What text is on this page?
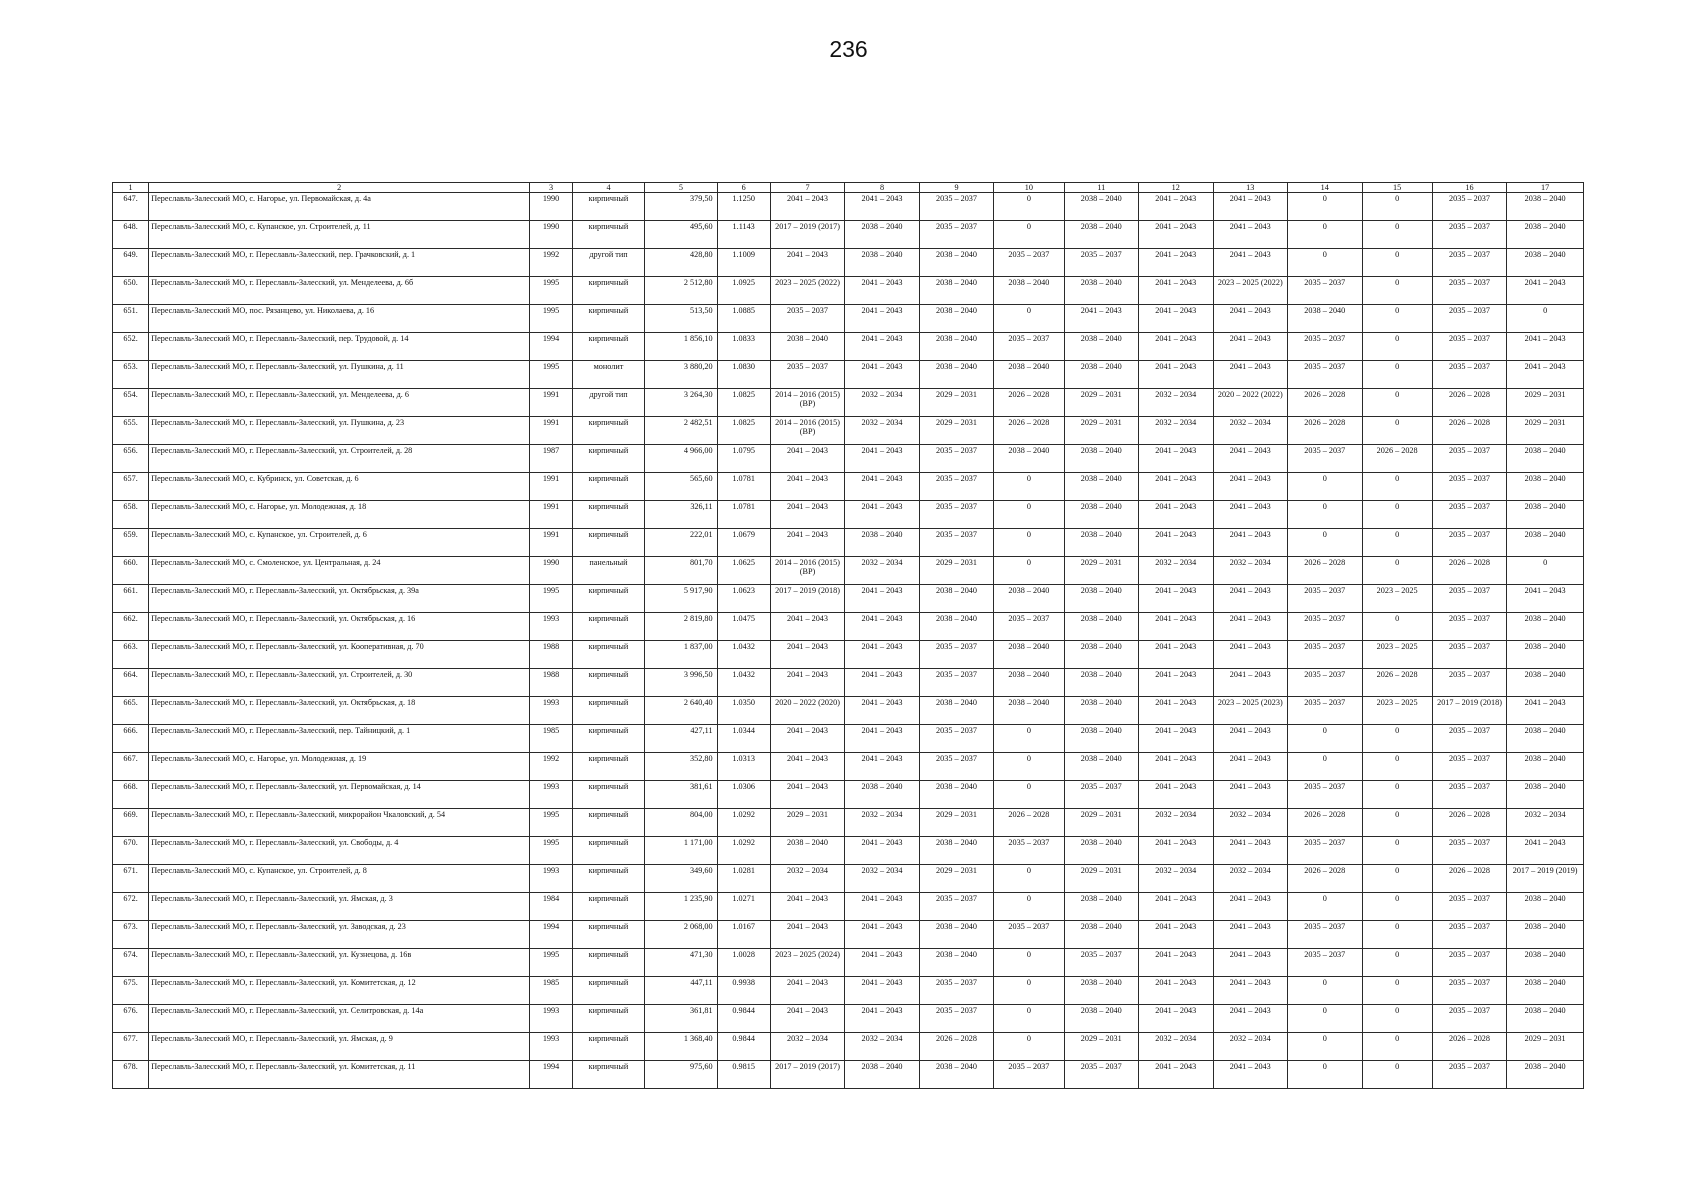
236
1	2	3	4	5	6	7	8	9	10	11	12	13	14	15	16	17
647.	Переславль-Залесский МО, с. Нагорье, ул. Первомайская, д. 4а	1990	кирпичный	379,50	1.1250	2041 – 2043	2041 – 2043	2035 – 2037	0	2038 – 2040	2041 – 2043	2041 – 2043	0	0	2035 – 2037	2038 – 2040
648.	Переславль-Залесский МО, с. Купанское, ул. Строителей, д. 11	1990	кирпичный	495,60	1.1143	2017 – 2019 (2017)	2038 – 2040	2035 – 2037	0	2038 – 2040	2041 – 2043	2041 – 2043	0	0	2035 – 2037	2038 – 2040
649.	Переславль-Залесский МО, г. Переславль-Залесский, пер. Грачковский, д. 1	1992	другой тип	428,80	1.1009	2041 – 2043	2038 – 2040	2038 – 2040	2035 – 2037	2035 – 2037	2041 – 2043	2041 – 2043	0	0	2035 – 2037	2038 – 2040
650.	Переславль-Залесский МО, г. Переславль-Залесский, ул. Менделеева, д. 6б	1995	кирпичный	2 512,80	1.0925	2023 – 2025 (2022)	2041 – 2043	2038 – 2040	2038 – 2040	2038 – 2040	2041 – 2043	2023 – 2025 (2022)	2035 – 2037	0	2035 – 2037	2041 – 2043
651.	Переславль-Залесский МО, пос. Рязанцево, ул. Николаева, д. 16	1995	кирпичный	513,50	1.0885	2035 – 2037	2041 – 2043	2038 – 2040	0	2041 – 2043	2041 – 2043	2041 – 2043	2038 – 2040	0	2035 – 2037	0
652.	Переславль-Залесский МО, г. Переславль-Залесский, пер. Трудовой, д. 14	1994	кирпичный	1 856,10	1.0833	2038 – 2040	2041 – 2043	2038 – 2040	2035 – 2037	2038 – 2040	2041 – 2043	2041 – 2043	2035 – 2037	0	2035 – 2037	2041 – 2043
653.	Переславль-Залесский МО, г. Переславль-Залесский, ул. Пушкина, д. 11	1995	монолит	3 880,20	1.0830	2035 – 2037	2041 – 2043	2038 – 2040	2038 – 2040	2038 – 2040	2041 – 2043	2041 – 2043	2035 – 2037	0	2035 – 2037	2041 – 2043
654.	Переславль-Залесский МО, г. Переславль-Залесский, ул. Менделеева, д. 6	1991	другой тип	3 264,30	1.0825	2014 – 2016 (2015) (ВР)	2032 – 2034	2029 – 2031	2026 – 2028	2029 – 2031	2032 – 2034	2020 – 2022 (2022)	2026 – 2028	0	2026 – 2028	2029 – 2031
655.	Переславль-Залесский МО, г. Переславль-Залесский, ул. Пушкина, д. 23	1991	кирпичный	2 482,51	1.0825	2014 – 2016 (2015) (ВР)	2032 – 2034	2029 – 2031	2026 – 2028	2029 – 2031	2032 – 2034	2032 – 2034	2026 – 2028	0	2026 – 2028	2029 – 2031
656.	Переславль-Залесский МО, г. Переславль-Залесский, ул. Строителей, д. 28	1987	кирпичный	4 966,00	1.0795	2041 – 2043	2041 – 2043	2035 – 2037	2038 – 2040	2038 – 2040	2041 – 2043	2041 – 2043	2035 – 2037	2026 – 2028	2035 – 2037	2038 – 2040
657.	Переславль-Залесский МО, с. Кубринск, ул. Советская, д. 6	1991	кирпичный	565,60	1.0781	2041 – 2043	2041 – 2043	2035 – 2037	0	2038 – 2040	2041 – 2043	2041 – 2043	0	0	2035 – 2037	2038 – 2040
658.	Переславль-Залесский МО, с. Нагорье, ул. Молодежная, д. 18	1991	кирпичный	326,11	1.0781	2041 – 2043	2041 – 2043	2035 – 2037	0	2038 – 2040	2041 – 2043	2041 – 2043	0	0	2035 – 2037	2038 – 2040
659.	Переславль-Залесский МО, с. Купанское, ул. Строителей, д. 6	1991	кирпичный	222,01	1.0679	2041 – 2043	2038 – 2040	2035 – 2037	0	2038 – 2040	2041 – 2043	2041 – 2043	0	0	2035 – 2037	2038 – 2040
660.	Переславль-Залесский МО, с. Смоленское, ул. Центральная, д. 24	1990	панельный	801,70	1.0625	2014 – 2016 (2015) (ВР)	2032 – 2034	2029 – 2031	0	2029 – 2031	2032 – 2034	2032 – 2034	2026 – 2028	0	2026 – 2028	0
661.	Переславль-Залесский МО, г. Переславль-Залесский, ул. Октябрьская, д. 39а	1995	кирпичный	5 917,90	1.0623	2017 – 2019 (2018)	2041 – 2043	2038 – 2040	2038 – 2040	2038 – 2040	2041 – 2043	2041 – 2043	2035 – 2037	2023 – 2025	2035 – 2037	2041 – 2043
662.	Переславль-Залесский МО, г. Переславль-Залесский, ул. Октябрьская, д. 16	1993	кирпичный	2 819,80	1.0475	2041 – 2043	2041 – 2043	2038 – 2040	2035 – 2037	2038 – 2040	2041 – 2043	2041 – 2043	2035 – 2037	0	2035 – 2037	2038 – 2040
663.	Переславль-Залесский МО, г. Переславль-Залесский, ул. Кооперативная, д. 70	1988	кирпичный	1 837,00	1.0432	2041 – 2043	2041 – 2043	2035 – 2037	2038 – 2040	2038 – 2040	2041 – 2043	2041 – 2043	2035 – 2037	2023 – 2025	2035 – 2037	2038 – 2040
664.	Переславль-Залесский МО, г. Переславль-Залесский, ул. Строителей, д. 30	1988	кирпичный	3 996,50	1.0432	2041 – 2043	2041 – 2043	2035 – 2037	2038 – 2040	2038 – 2040	2041 – 2043	2041 – 2043	2035 – 2037	2026 – 2028	2035 – 2037	2038 – 2040
665.	Переславль-Залесский МО, г. Переславль-Залесский, ул. Октябрьская, д. 18	1993	кирпичный	2 640,40	1.0350	2020 – 2022 (2020)	2041 – 2043	2038 – 2040	2038 – 2040	2038 – 2040	2041 – 2043	2023 – 2025 (2023)	2035 – 2037	2023 – 2025	2017 – 2019 (2018)	2041 – 2043
666.	Переславль-Залесский МО, г. Переславль-Залесский, пер. Тайницкий, д. 1	1985	кирпичный	427,11	1.0344	2041 – 2043	2041 – 2043	2035 – 2037	0	2038 – 2040	2041 – 2043	2041 – 2043	0	0	2035 – 2037	2038 – 2040
667.	Переславль-Залесский МО, с. Нагорье, ул. Молодежная, д. 19	1992	кирпичный	352,80	1.0313	2041 – 2043	2041 – 2043	2035 – 2037	0	2038 – 2040	2041 – 2043	2041 – 2043	0	0	2035 – 2037	2038 – 2040
668.	Переславль-Залесский МО, г. Переславль-Залесский, ул. Первомайская, д. 14	1993	кирпичный	381,61	1.0306	2041 – 2043	2038 – 2040	2038 – 2040	0	2035 – 2037	2041 – 2043	2041 – 2043	2035 – 2037	0	2035 – 2037	2038 – 2040
669.	Переславль-Залесский МО, г. Переславль-Залесский, микрорайон Чкаловский, д. 54	1995	кирпичный	804,00	1.0292	2029 – 2031	2032 – 2034	2029 – 2031	2026 – 2028	2029 – 2031	2032 – 2034	2032 – 2034	2026 – 2028	0	2026 – 2028	2032 – 2034
670.	Переславль-Залесский МО, г. Переславль-Залесский, ул. Свободы, д. 4	1995	кирпичный	1 171,00	1.0292	2038 – 2040	2041 – 2043	2038 – 2040	2035 – 2037	2038 – 2040	2041 – 2043	2041 – 2043	2035 – 2037	0	2035 – 2037	2041 – 2043
671.	Переславль-Залесский МО, с. Купанское, ул. Строителей, д. 8	1993	кирпичный	349,60	1.0281	2032 – 2034	2032 – 2034	2029 – 2031	0	2029 – 2031	2032 – 2034	2032 – 2034	2026 – 2028	0	2026 – 2028	2017 – 2019 (2019)
672.	Переславль-Залесский МО, г. Переславль-Залесский, ул. Ямская, д. 3	1984	кирпичный	1 235,90	1.0271	2041 – 2043	2041 – 2043	2035 – 2037	0	2038 – 2040	2041 – 2043	2041 – 2043	0	0	2035 – 2037	2038 – 2040
673.	Переславль-Залесский МО, г. Переславль-Залесский, ул. Заводская, д. 23	1994	кирпичный	2 068,00	1.0167	2041 – 2043	2041 – 2043	2038 – 2040	2035 – 2037	2038 – 2040	2041 – 2043	2041 – 2043	2035 – 2037	0	2035 – 2037	2038 – 2040
674.	Переславль-Залесский МО, г. Переславль-Залесский, ул. Кузнецова, д. 16в	1995	кирпичный	471,30	1.0028	2023 – 2025 (2024)	2041 – 2043	2038 – 2040	0	2035 – 2037	2041 – 2043	2041 – 2043	2035 – 2037	0	2035 – 2037	2038 – 2040
675.	Переславль-Залесский МО, г. Переславль-Залесский, ул. Комитетская, д. 12	1985	кирпичный	447,11	0.9938	2041 – 2043	2041 – 2043	2035 – 2037	0	2038 – 2040	2041 – 2043	2041 – 2043	0	0	2035 – 2037	2038 – 2040
676.	Переславль-Залесский МО, г. Переславль-Залесский, ул. Селитровская, д. 14а	1993	кирпичный	361,81	0.9844	2041 – 2043	2041 – 2043	2035 – 2037	0	2038 – 2040	2041 – 2043	2041 – 2043	0	0	2035 – 2037	2038 – 2040
677.	Переславль-Залесский МО, г. Переславль-Залесский, ул. Ямская, д. 9	1993	кирпичный	1 368,40	0.9844	2032 – 2034	2032 – 2034	2026 – 2028	0	2029 – 2031	2032 – 2034	2032 – 2034	0	0	2026 – 2028	2029 – 2031
678.	Переславль-Залесский МО, г. Переславль-Залесский, ул. Комитетская, д. 11	1994	кирпичный	975,60	0.9815	2017 – 2019 (2017)	2038 – 2040	2038 – 2040	2035 – 2037	2035 – 2037	2041 – 2043	2041 – 2043	0	0	2035 – 2037	2038 – 2040
